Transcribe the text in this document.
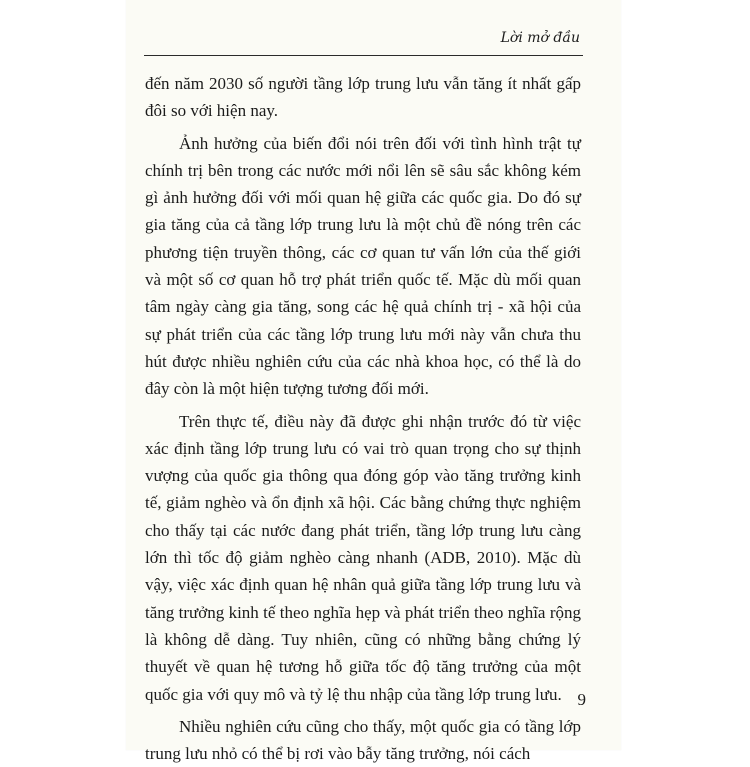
Lời mở đầu

đến năm 2030 số người tầng lớp trung lưu vẫn tăng ít nhất gấp đôi so với hiện nay.

Ảnh hưởng của biến đổi nói trên đối với tình hình trật tự chính trị bên trong các nước mới nổi lên sẽ sâu sắc không kém gì ảnh hưởng đối với mối quan hệ giữa các quốc gia. Do đó sự gia tăng của cả tầng lớp trung lưu là một chủ đề nóng trên các phương tiện truyền thông, các cơ quan tư vấn lớn của thế giới và một số cơ quan hỗ trợ phát triển quốc tế. Mặc dù mối quan tâm ngày càng gia tăng, song các hệ quả chính trị - xã hội của sự phát triển của các tầng lớp trung lưu mới này vẫn chưa thu hút được nhiều nghiên cứu của các nhà khoa học, có thể là do đây còn là một hiện tượng tương đối mới.

Trên thực tế, điều này đã được ghi nhận trước đó từ việc xác định tầng lớp trung lưu có vai trò quan trọng cho sự thịnh vượng của quốc gia thông qua đóng góp vào tăng trưởng kinh tế, giảm nghèo và ổn định xã hội. Các bằng chứng thực nghiệm cho thấy tại các nước đang phát triển, tầng lớp trung lưu càng lớn thì tốc độ giảm nghèo càng nhanh (ADB, 2010). Mặc dù vậy, việc xác định quan hệ nhân quả giữa tầng lớp trung lưu và tăng trưởng kinh tế theo nghĩa hẹp và phát triển theo nghĩa rộng là không dễ dàng. Tuy nhiên, cũng có những bằng chứng lý thuyết về quan hệ tương hỗ giữa tốc độ tăng trưởng của một quốc gia với quy mô và tỷ lệ thu nhập của tầng lớp trung lưu.

Nhiều nghiên cứu cũng cho thấy, một quốc gia có tầng lớp trung lưu nhỏ có thể bị rơi vào bẫy tăng trưởng, nói cách

9
